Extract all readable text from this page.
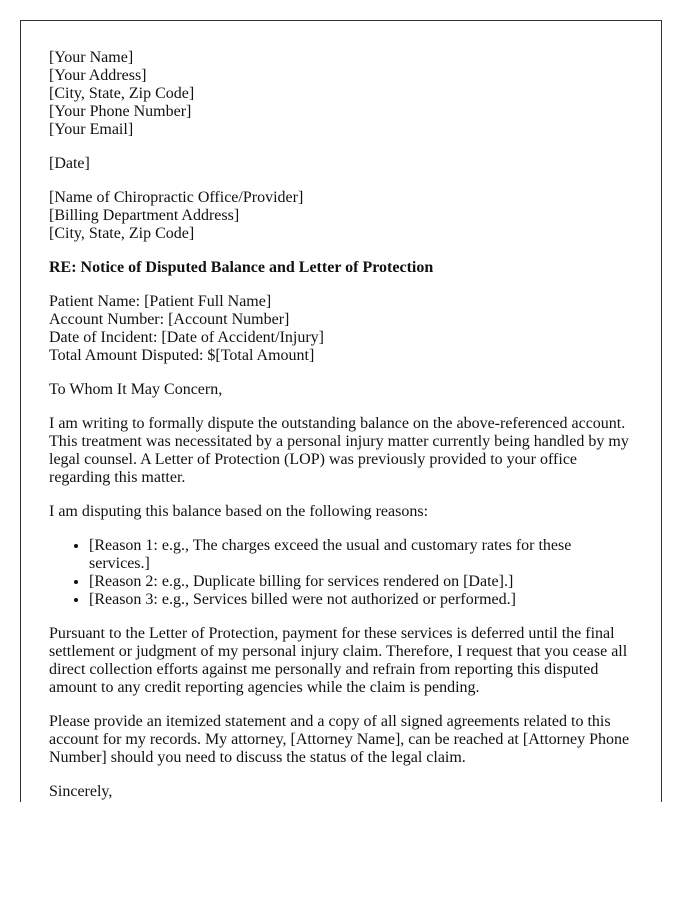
[Your Name]
[Your Address]
[City, State, Zip Code]
[Your Phone Number]
[Your Email]
[Date]
[Name of Chiropractic Office/Provider]
[Billing Department Address]
[City, State, Zip Code]
RE: Notice of Disputed Balance and Letter of Protection
Patient Name: [Patient Full Name]
Account Number: [Account Number]
Date of Incident: [Date of Accident/Injury]
Total Amount Disputed: $[Total Amount]

To Whom It May Concern,

I am writing to formally dispute the outstanding balance on the above-referenced account. This treatment was necessitated by a personal injury matter currently being handled by my legal counsel. A Letter of Protection (LOP) was previously provided to your office regarding this matter.

I am disputing this balance based on the following reasons:

• [Reason 1: e.g., The charges exceed the usual and customary rates for these services.]
• [Reason 2: e.g., Duplicate billing for services rendered on [Date].]
• [Reason 3: e.g., Services billed were not authorized or performed.]

Pursuant to the Letter of Protection, payment for these services is deferred until the final settlement or judgment of my personal injury claim. Therefore, I request that you cease all direct collection efforts against me personally and refrain from reporting this disputed amount to any credit reporting agencies while the claim is pending.

Please provide an itemized statement and a copy of all signed agreements related to this account for my records. My attorney, [Attorney Name], can be reached at [Attorney Phone Number] should you need to discuss the status of the legal claim.

Sincerely,
